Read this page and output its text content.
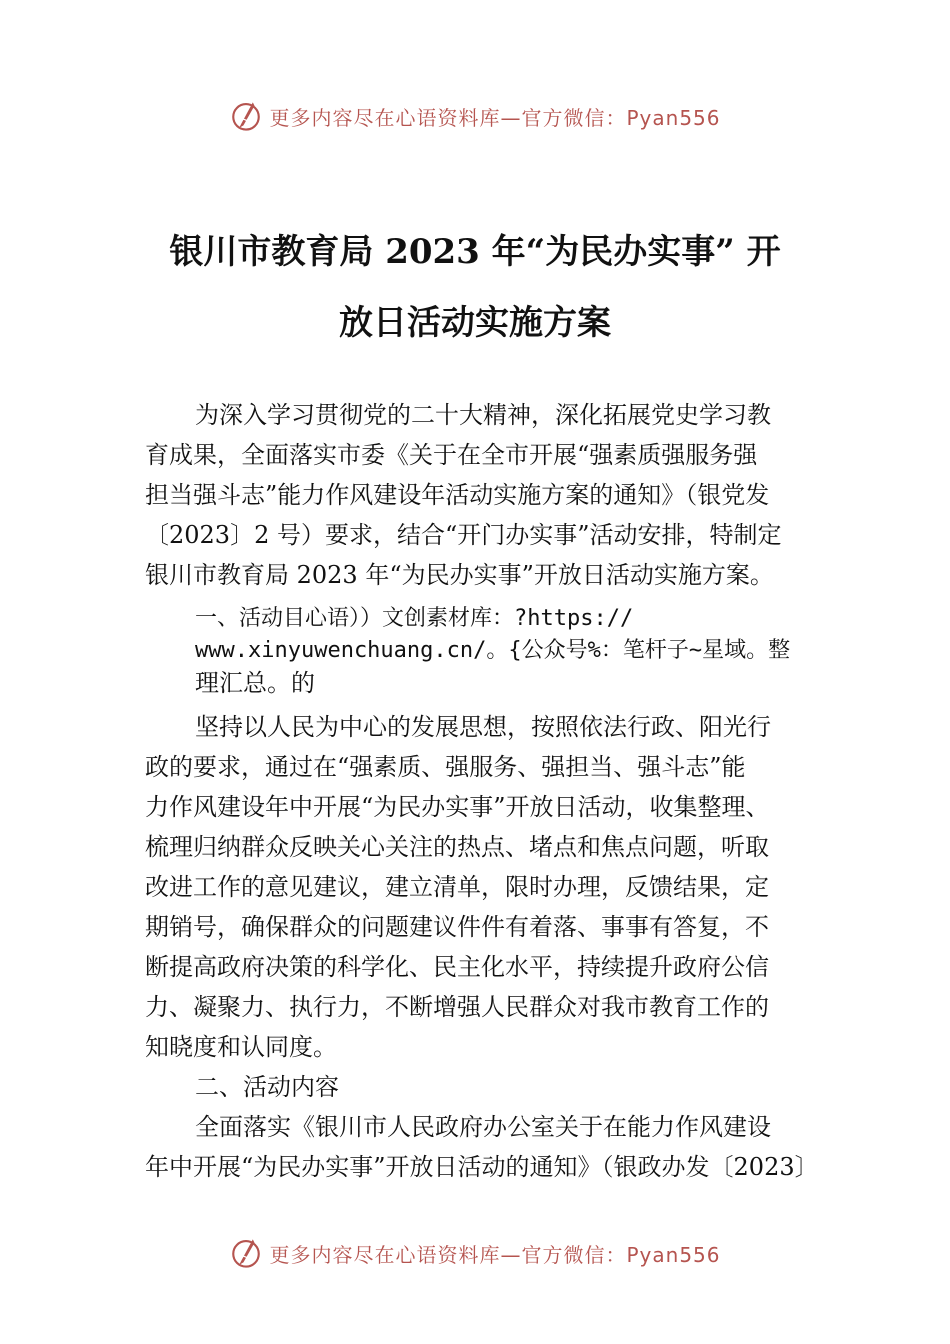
更多内容尽在心语资料库—官方微信：Pyan556
银川市教育局 2023 年“为民办实事” 开
放日活动实施方案
为深入学习贯彻党的二十大精神，深化拓展党史学习教
育成果，全面落实市委《关于在全市开展“强素质强服务强
担当强斗志”能力作风建设年活动实施方案的通知》（银党发
〔2023〕2 号）要求，结合“开门办实事”活动安排，特制定
银川市教育局 2023 年“为民办实事”开放日活动实施方案。
一、活动目心语））文创素材库：?https://
www.xinyuwenchuang.cn/。{公众号%：笔杆子~星域。整
理汇总。的
坚持以人民为中心的发展思想，按照依法行政、阳光行
政的要求，通过在“强素质、强服务、强担当、强斗志”能
力作风建设年中开展“为民办实事”开放日活动，收集整理、
梳理归纳群众反映关心关注的热点、堵点和焦点问题，听取
改进工作的意见建议，建立清单，限时办理，反馈结果，定
期销号，确保群众的问题建议件件有着落、事事有答复，不
断提高政府决策的科学化、民主化水平，持续提升政府公信
力、凝聚力、执行力，不断增强人民群众对我市教育工作的
知晓度和认同度。
二、活动内容
全面落实《银川市人民政府办公室关于在能力作风建设
年中开展“为民办实事”开放日活动的通知》（银政办发〔2023〕
更多内容尽在心语资料库—官方微信：Pyan556
